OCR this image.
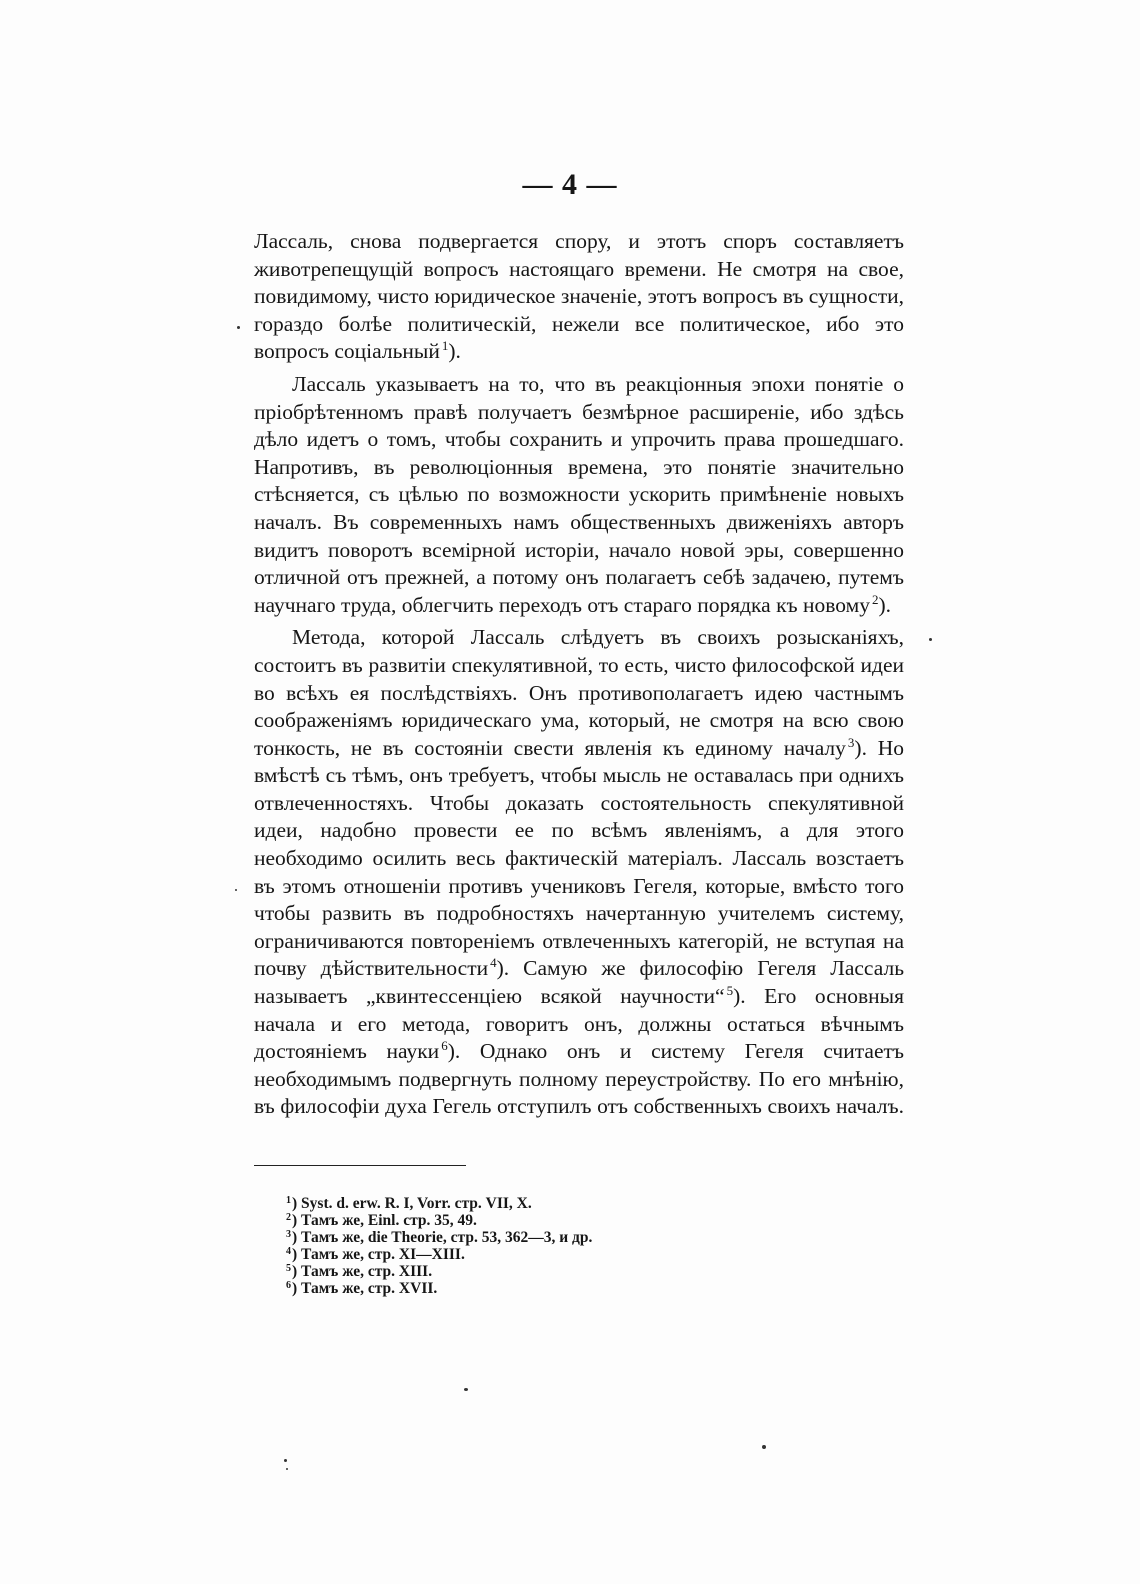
— 4 —

Лассаль, снова подвергается спору, и этотъ споръ составляетъ животрепещущій вопросъ настоящаго времени. Не смотря на свое, повидимому, чисто юридическое значеніе, этотъ вопросъ въ сущности, гораздо болѣе политическій, нежели все политическое, ибо это вопросъ соціальный $^1$).

Лассаль указываетъ на то, что въ реакціонныя эпохи понятіе о пріобрѣтенномъ правѣ получаетъ безмѣрное расширеніе, ибо здѣсь дѣло идетъ о томъ, чтобы сохранить и упрочить права прошедшаго. Напротивъ, въ революціонныя времена, это понятіе значительно стѣсняется, съ цѣлью по возможности ускорить примѣненіе новыхъ началъ. Въ современныхъ намъ общественныхъ движеніяхъ авторъ видитъ поворотъ всемірной исторіи, начало новой эры, совершенно отличной отъ прежней, а потому онъ полагаетъ себѣ задачею, путемъ научнаго труда, облегчить переходъ отъ стараго порядка къ новому $^2$).

Метода, которой Лассаль слѣдуетъ въ своихъ розысканіяхъ, состоитъ въ развитіи спекулятивной, то есть, чисто философской идеи во всѣхъ ея послѣдствіяхъ. Онъ противополагаетъ идею частнымъ соображеніямъ юридическаго ума, который, не смотря на всю свою тонкость, не въ состояніи свести явленія къ единому началу $^3$). Но вмѣстѣ съ тѣмъ, онъ требуетъ, чтобы мысль не оставалась при однихъ отвлеченностяхъ. Чтобы доказать состоятельность спекулятивной идеи, надобно провести ее по всѣмъ явленіямъ, а для этого необходимо осилить весь фактическій матеріалъ. Лассаль возстаетъ въ этомъ отношеніи противъ учениковъ Гегеля, которые, вмѣсто того чтобы развить въ подробностяхъ начертанную учителемъ систему, ограничиваются повтореніемъ отвлеченныхъ категорій, не вступая на почву дѣйствительности $^4$). Самую же философію Гегеля Лассаль называетъ „квинтессенціею всякой научности“ $^5$). Его основныя начала и его метода, говоритъ онъ, должны остаться вѣчнымъ достояніемъ науки $^6$). Однако онъ и систему Гегеля считаетъ необходимымъ подвергнуть полному переустройству. По его мнѣнію, въ философіи духа Гегель отступилъ отъ собственныхъ своихъ началъ.

$^1$) Syst. d. erw. R. I, Vorr. стр. VII, X.
$^2$) Тамъ же, Einl. стр. 35, 49.
$^3$) Тамъ же, die Theorie, стр. 53, 362—3, и др.
$^4$) Тамъ же, стр. XI—XIII.
$^5$) Тамъ же, стр. XIII.
$^6$) Тамъ же, стр. XVII.
